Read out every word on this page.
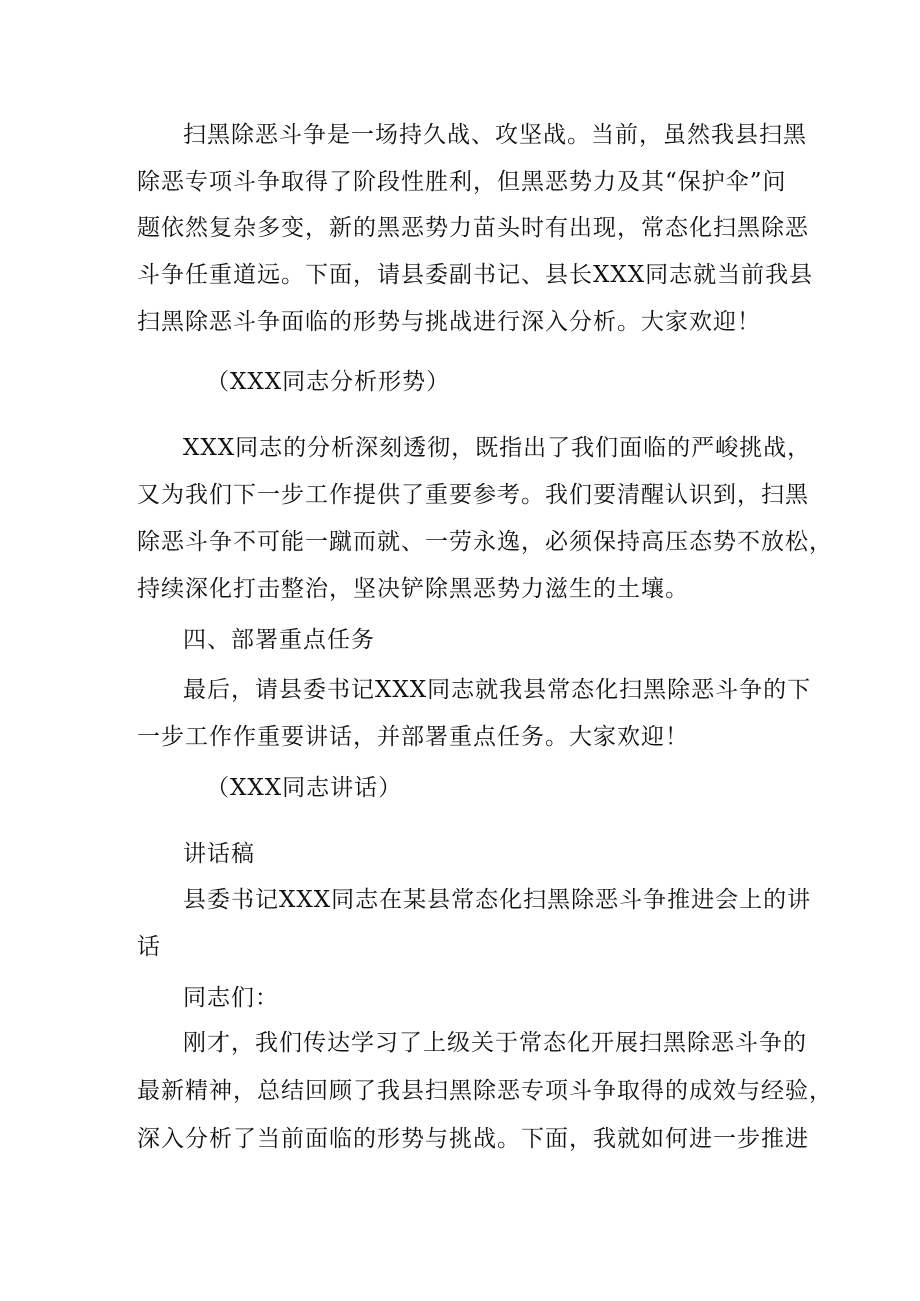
扫黑除恶斗争是一场持久战、攻坚战。当前，虽然我县扫黑
除恶专项斗争取得了阶段性胜利，但黑恶势力及其“保护伞”问
题依然复杂多变，新的黑恶势力苗头时有出现，常态化扫黑除恶
斗争任重道远。下面，请县委副书记、县长XXX同志就当前我县
扫黑除恶斗争面临的形势与挑战进行深入分析。大家欢迎！
（XXX同志分析形势）
XXX同志的分析深刻透彻，既指出了我们面临的严峻挑战，
又为我们下一步工作提供了重要参考。我们要清醒认识到，扫黑
除恶斗争不可能一蹴而就、一劳永逸，必须保持高压态势不放松，
持续深化打击整治，坚决铲除黑恶势力滋生的土壤。
四、部署重点任务
最后，请县委书记XXX同志就我县常态化扫黑除恶斗争的下
一步工作作重要讲话，并部署重点任务。大家欢迎！
（XXX同志讲话）
讲话稿
县委书记XXX同志在某县常态化扫黑除恶斗争推进会上的讲
话
同志们：
刚才，我们传达学习了上级关于常态化开展扫黑除恶斗争的
最新精神，总结回顾了我县扫黑除恶专项斗争取得的成效与经验，
深入分析了当前面临的形势与挑战。下面，我就如何进一步推进
